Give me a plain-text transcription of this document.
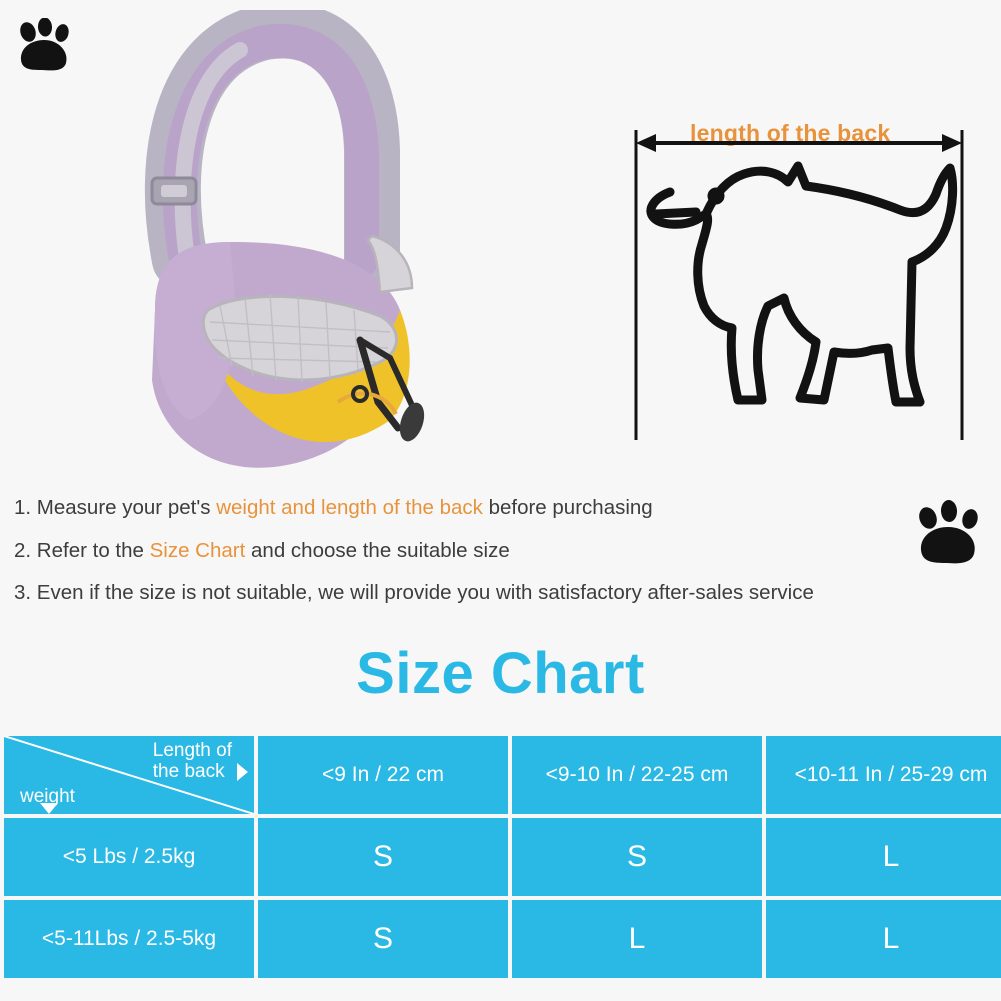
length of the back
1. Measure your pet's weight and length of the back before purchasing
2. Refer to the Size Chart and choose the suitable size
3. Even if the size is not suitable, we will provide you with satisfactory after-sales service
Size Chart
weight
Length of
the back	<9 In / 22 cm	<9-10 In / 22-25 cm	<10-11 In / 25-29 cm
<5 Lbs / 2.5kg	S	S	L
<5-11Lbs / 2.5-5kg	S	L	L
